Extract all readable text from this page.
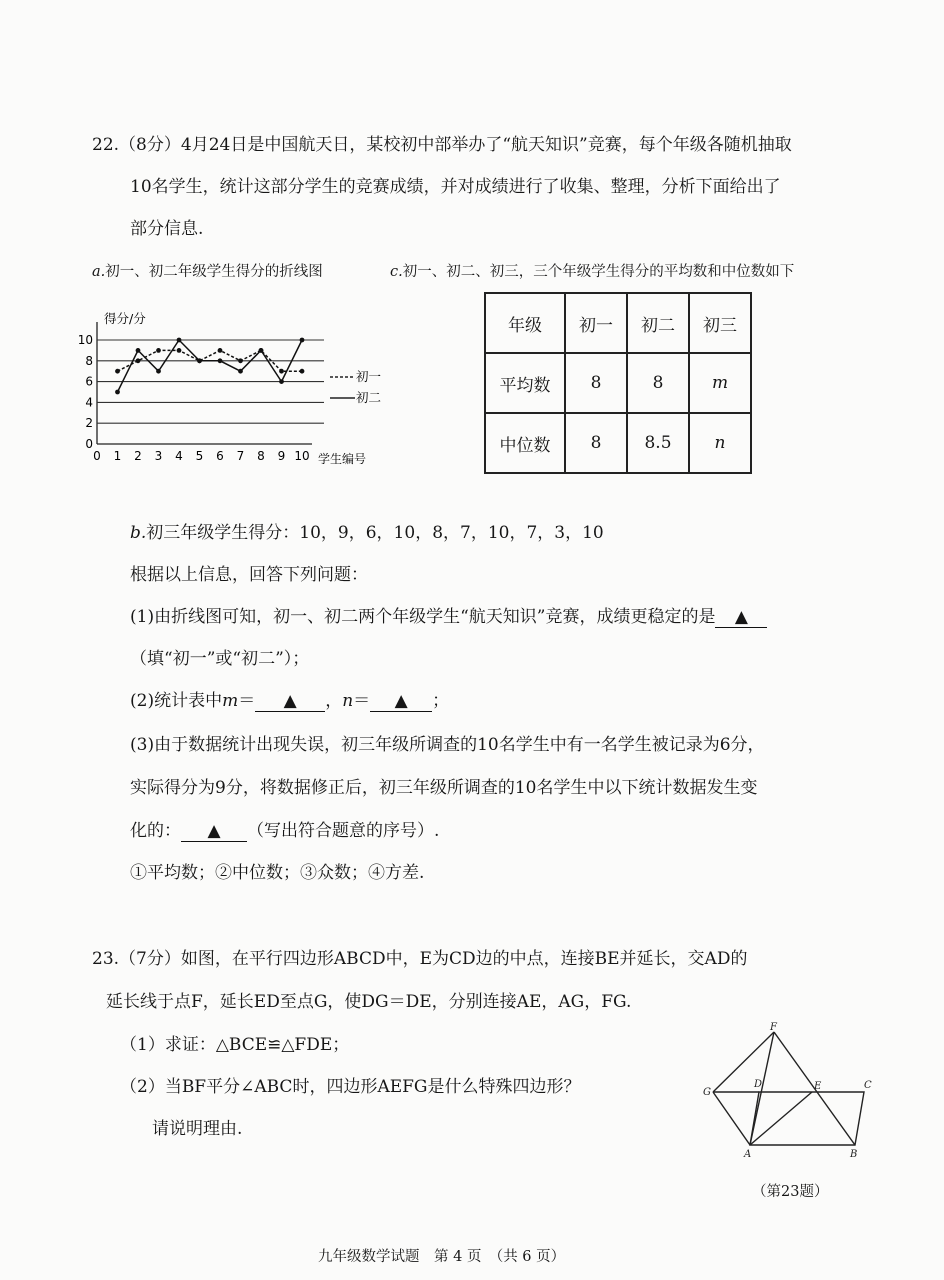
22.（8分）4月24日是中国航天日，某校初中部举办了“航天知识”竞赛，每个年级各随机抽取
10名学生，统计这部分学生的竞赛成绩，并对成绩进行了收集、整理，分析下面给出了
部分信息.
a.初一、初二年级学生得分的折线图	c.初一、初二、初三，三个年级学生得分的平均数和中位数如下
得分/分
学生编号
0
2
4
6
8
10
0 1 2 3 4 5 6 7 8 9 10
初一
初二
年级	初一	初二	初三
平均数	8	8	m
中位数	8	8.5	n
b.初三年级学生得分：10，9，6，10，8，7，10，7，3，10
根据以上信息，回答下列问题：
(1)由折线图可知，初一、初二两个年级学生“航天知识”竞赛，成绩更稳定的是 ▲
（填“初一”或“初二”）；
(2)统计表中m＝ ▲ ，n＝ ▲ ；
(3)由于数据统计出现失误，初三年级所调查的10名学生中有一名学生被记录为6分，
实际得分为9分，将数据修正后，初三年级所调查的10名学生中以下统计数据发生变
化的： ▲ （写出符合题意的序号）.
①平均数；②中位数；③众数；④方差.
23.（7分）如图，在平行四边形ABCD中，E为CD边的中点，连接BE并延长，交AD的
延长线于点F，延长ED至点G，使DG＝DE，分别连接AE，AG，FG.
（1）求证：△BCE≌△FDE；
（2）当BF平分∠ABC时，四边形AEFG是什么特殊四边形？
请说明理由.
F
G
D	E	C
A	B
（第23题）
九年级数学试题　第 4 页　（共 6 页）
